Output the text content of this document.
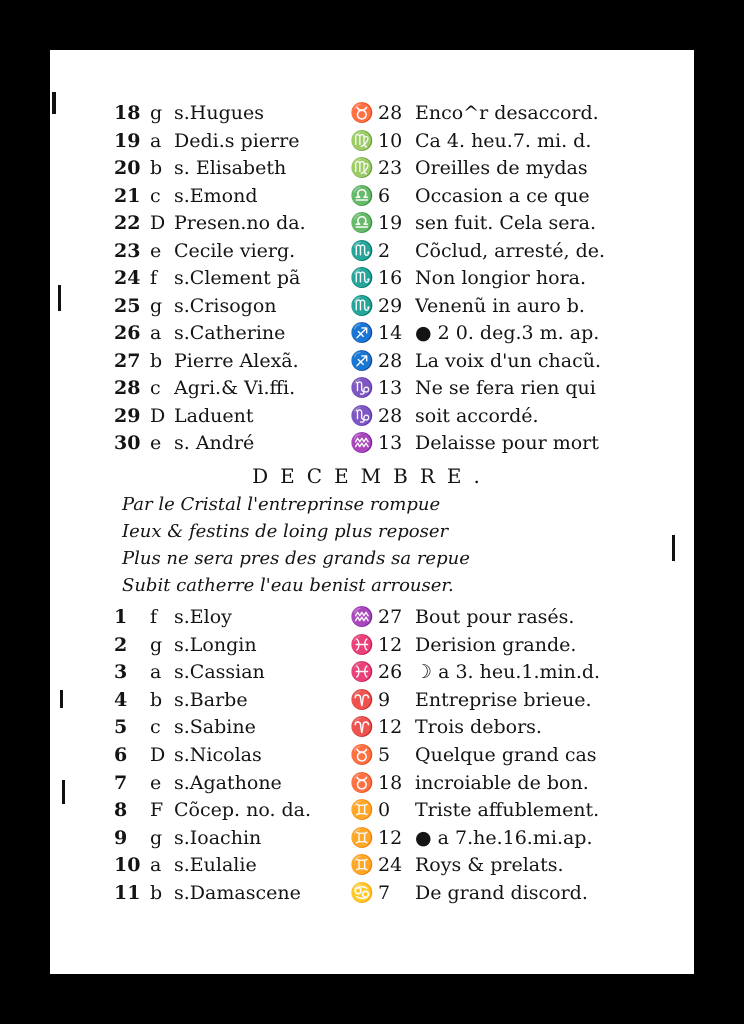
18 g s.Hugues	♉ 28 Enco^r desaccord.
19 a Dedi.s pierre	♍ 10 Ca 4. heu.7. mi. d.
20 b s. Elisabeth	♍ 23 Oreilles de mydas
21 c s.Emond	♎ 6	Occasion a ce que
22 D Presen.no da.	♎ 19 sen fuit. Cela sera.
23 e Cecile vierg.	♏ 2	Cõclud, arresté, de.
24 f s.Clement pã	♏ 16 Non longior hora.
25 g s.Crisogon	♏ 29 Venenũ in auro b.
26 a s.Catherine	♐ 14 ● 2 0. deg.3 m. ap.
27 b Pierre Alexã.	♐ 28 La voix d'un chacũ.
28 c Agri.& Vi.ffi.	♑ 13 Ne se fera rien qui
29 D Laduent	♑ 28 soit accordé.
30 e s. André	♒ 13 Delaisse pour mort
DECEMBRE.
Par le Cristal l'entreprinse rompue
Ieux & festins de loing plus reposer
Plus ne sera pres des grands sa repue
Subit catherre l'eau benist arrouser.
1	f s.Eloy	♒ 27 Bout pour rasés.
2	g s.Longin	♓ 12 Derision grande.
3	a s.Cassian	♓ 26 ☽ a 3. heu.1.min.d.
4	b s.Barbe	♈ 9	Entreprise brieue.
5	c s.Sabine	♈ 12 Trois debors.
6	D s.Nicolas	♉ 5	Quelque grand cas
7	e s.Agathone	♉ 18 incroiable de bon.
8	F Cõcep. no. da.	♊ 0	Triste affublement.
9	g s.Ioachin	♊ 12 ● a 7.he.16.mi.ap.
10 a s.Eulalie	♊ 24 Roys & prelats.
11 b s.Damascene	♋ 7	De grand discord.
